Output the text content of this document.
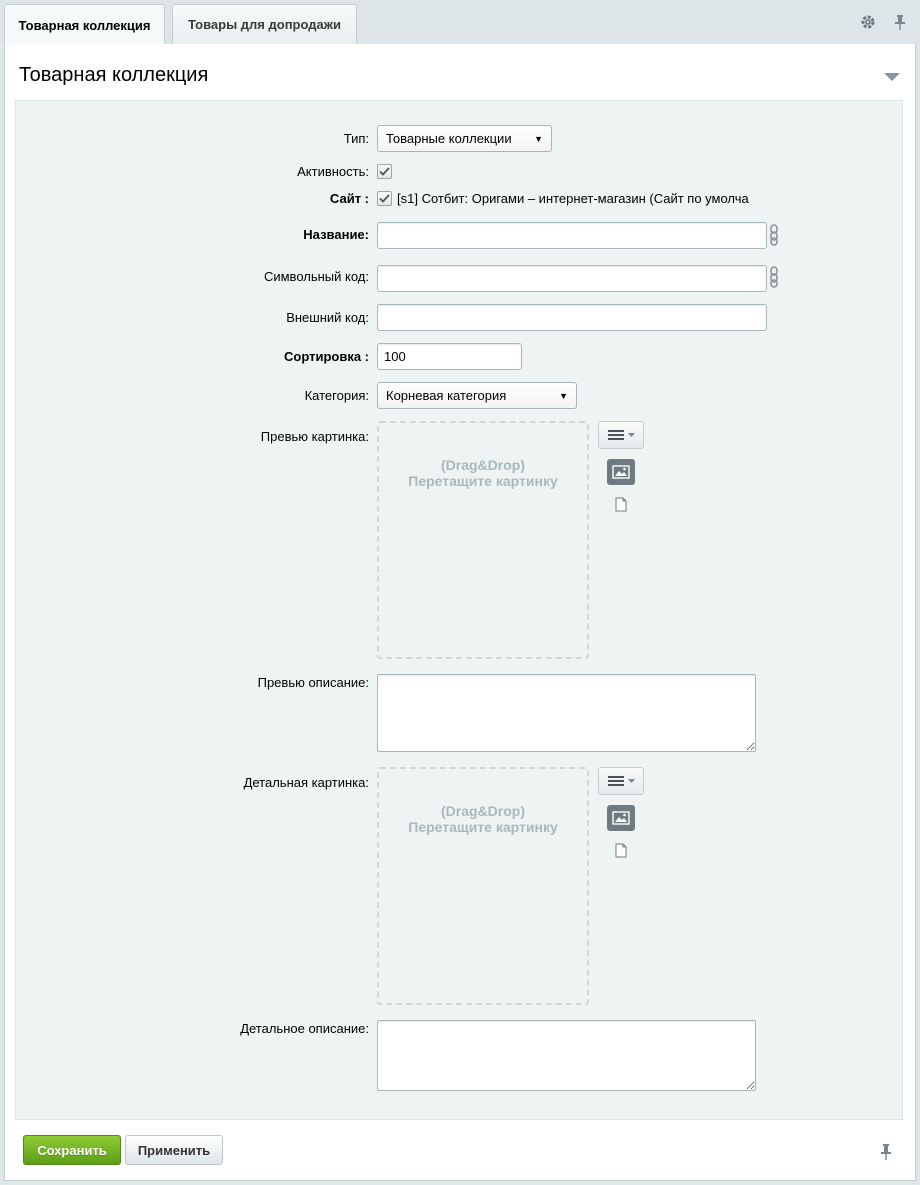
Товарная коллекция	Товары для допродажи
Товарная коллекция
Тип: Товарные коллекции	▼
Активность:
Сайт : [s1] Сотбит: Оригами – интернет-магазин (Сайт по умолча
Название:
Символьный код:
Внешний код:
Сортировка :
100
Категория: Корневая категория	▼
Превью картинка:
(Drag&Drop)
Перетащите картинку
Превью описание:
Детальная картинка:
(Drag&Drop)
Перетащите картинку
Детальное описание:
Сохранить	Применить
